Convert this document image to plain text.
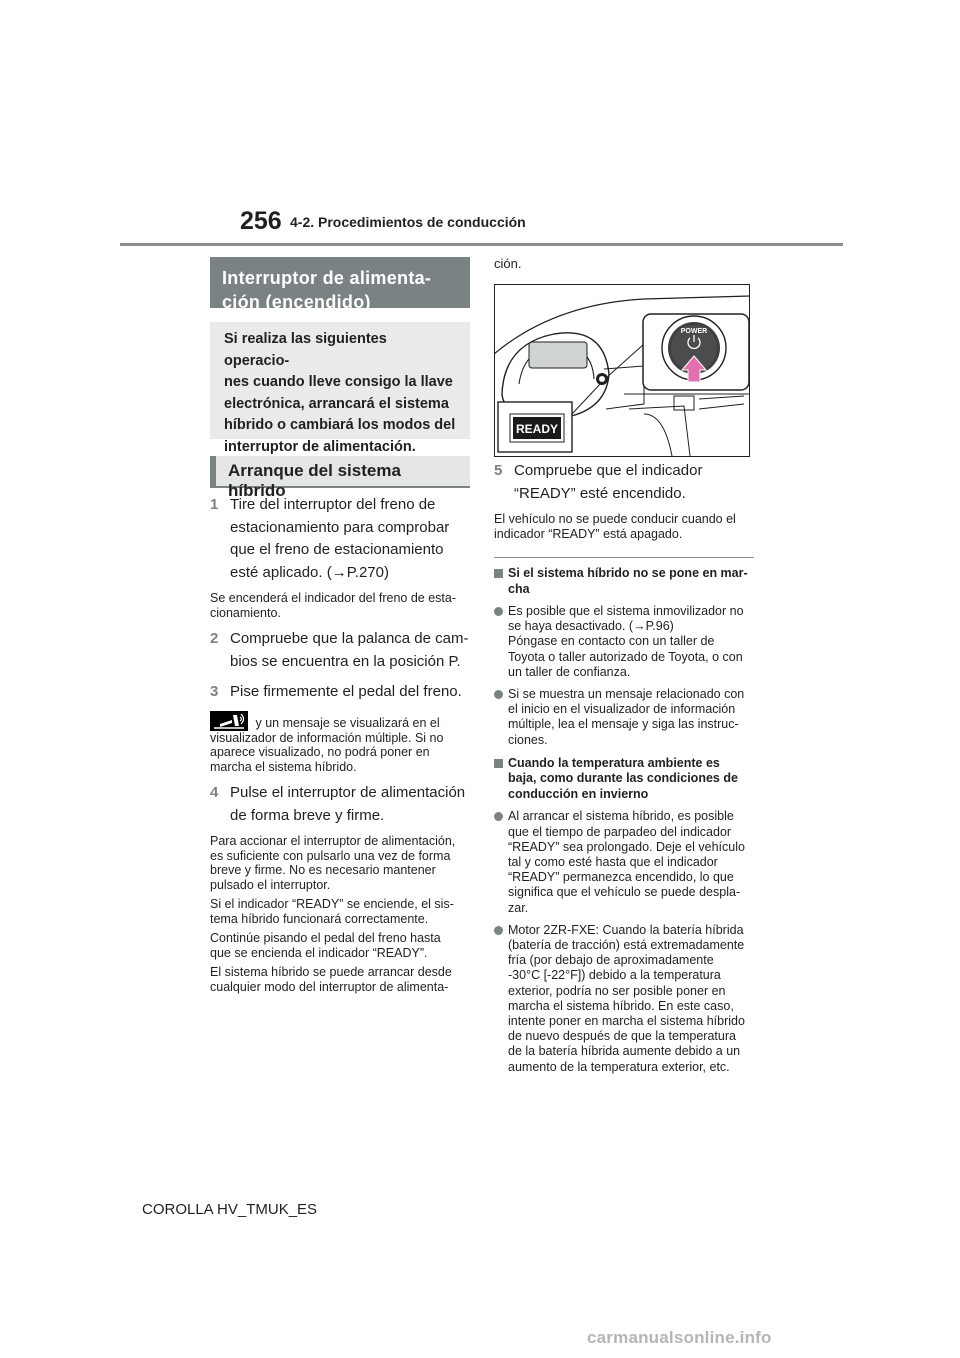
256 4-2. Procedimientos de conducción
Interruptor de alimenta-
ción (encendido)
Si realiza las siguientes operacio-
nes cuando lleve consigo la llave
electrónica, arrancará el sistema
híbrido o cambiará los modos del
interruptor de alimentación.
Arranque del sistema híbrido
1 Tire del interruptor del freno de
estacionamiento para comprobar
que el freno de estacionamiento
esté aplicado. (→P.270)
Se encenderá el indicador del freno de esta-
cionamiento.
2 Compruebe que la palanca de cam-
bios se encuentra en la posición P.
3 Pise firmemente el pedal del freno.
y un mensaje se visualizará en el
visualizador de información múltiple. Si no
aparece visualizado, no podrá poner en
marcha el sistema híbrido.
4 Pulse el interruptor de alimentación
de forma breve y firme.
Para accionar el interruptor de alimentación,
es suficiente con pulsarlo una vez de forma
breve y firme. No es necesario mantener
pulsado el interruptor.
Si el indicador “READY” se enciende, el sis-
tema híbrido funcionará correctamente.
Continúe pisando el pedal del freno hasta
que se encienda el indicador “READY”.
El sistema híbrido se puede arrancar desde
cualquier modo del interruptor de alimenta-
ción.
POWER
READY
5 Compruebe que el indicador
“READY” esté encendido.
El vehículo no se puede conducir cuando el
indicador “READY” está apagado.
Si el sistema híbrido no se pone en mar-
cha
Es posible que el sistema inmovilizador no
se haya desactivado. (→P.96)
Póngase en contacto con un taller de
Toyota o taller autorizado de Toyota, o con
un taller de confianza.
Si se muestra un mensaje relacionado con
el inicio en el visualizador de información
múltiple, lea el mensaje y siga las instruc-
ciones.
Cuando la temperatura ambiente es
baja, como durante las condiciones de
conducción en invierno
Al arrancar el sistema híbrido, es posible
que el tiempo de parpadeo del indicador
“READY” sea prolongado. Deje el vehículo
tal y como esté hasta que el indicador
“READY” permanezca encendido, lo que
significa que el vehículo se puede despla-
zar.
Motor 2ZR-FXE: Cuando la batería híbrida
(batería de tracción) está extremadamente
fría (por debajo de aproximadamente
-30°C [-22°F]) debido a la temperatura
exterior, podría no ser posible poner en
marcha el sistema híbrido. En este caso,
intente poner en marcha el sistema híbrido
de nuevo después de que la temperatura
de la batería híbrida aumente debido a un
aumento de la temperatura exterior, etc.
COROLLA HV_TMUK_ES
carmanualsonline.info
